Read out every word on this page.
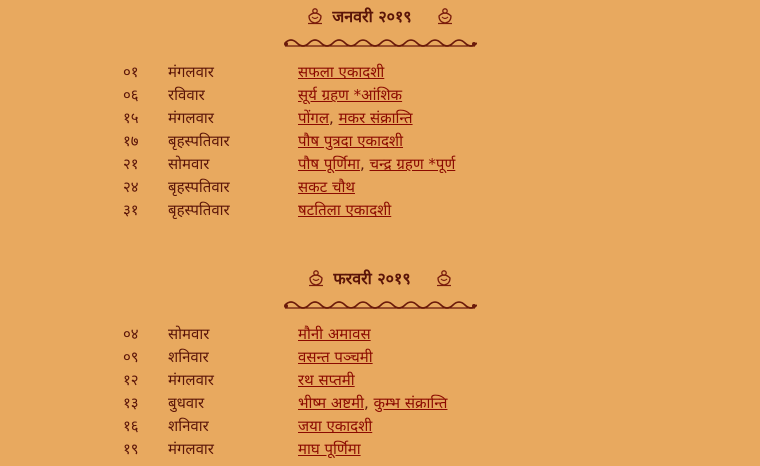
जनवरी २०१९
०१ मंगलवार	सफला एकादशी
०६ रविवार	सूर्य ग्रहण *आंशिक
१५ मंगलवार	पोंगल, मकर संक्रान्ति
१७ बृहस्पतिवार	पौष पुत्रदा एकादशी
२१ सोमवार	पौष पूर्णिमा, चन्द्र ग्रहण *पूर्ण
२४ बृहस्पतिवार	सकट चौथ
३१ बृहस्पतिवार	षटतिला एकादशी
फरवरी २०१९
०४ सोमवार	मौनी अमावस
०९ शनिवार	वसन्त पञ्चमी
१२ मंगलवार	रथ सप्तमी
१३ बुधवार	भीष्म अष्टमी, कुम्भ संक्रान्ति
१६ शनिवार	जया एकादशी
१९ मंगलवार	माघ पूर्णिमा
